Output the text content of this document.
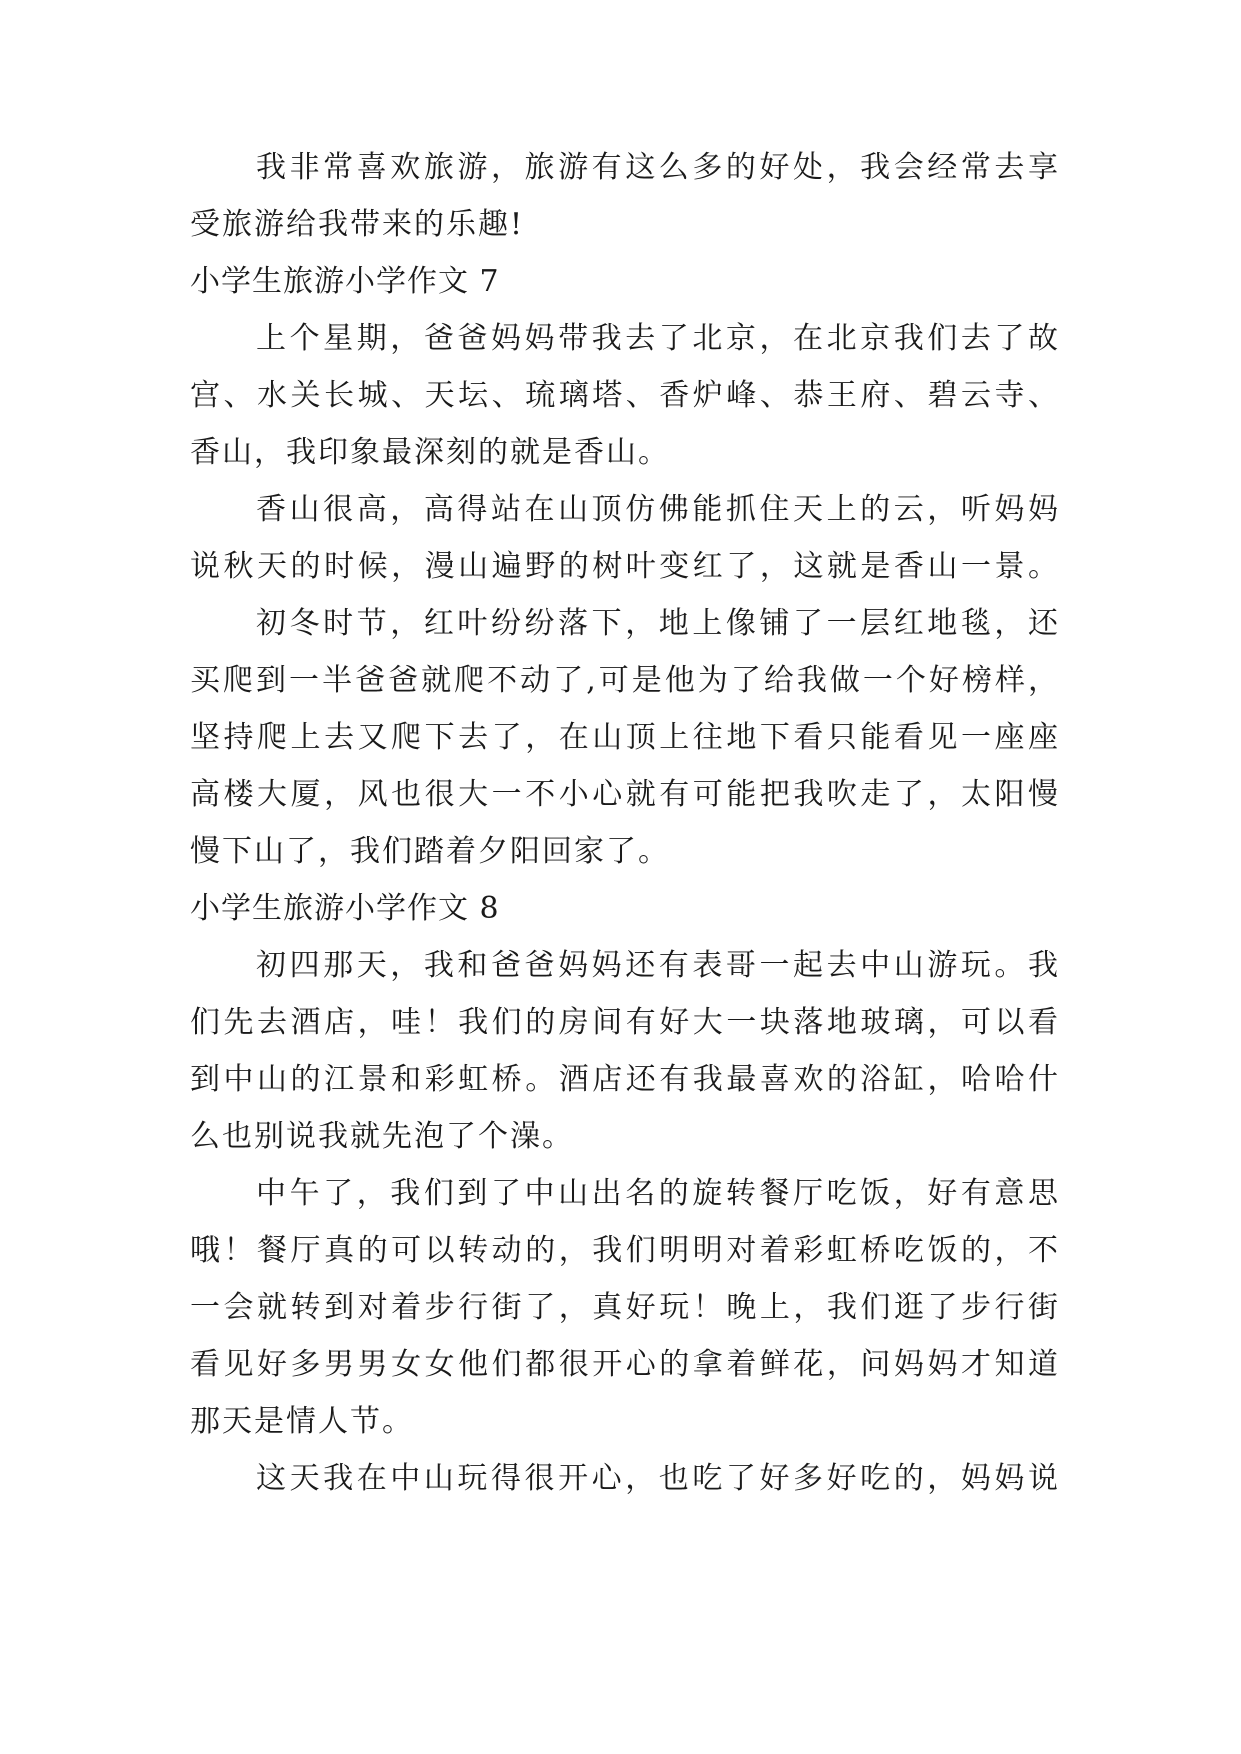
我非常喜欢旅游，旅游有这么多的好处，我会经常去享
受旅游给我带来的乐趣!
小学生旅游小学作文 7
上个星期，爸爸妈妈带我去了北京，在北京我们去了故
宫、水关长城、天坛、琉璃塔、香炉峰、恭王府、碧云寺、
香山，我印象最深刻的就是香山。
香山很高，高得站在山顶仿佛能抓住天上的云，听妈妈
说秋天的时候，漫山遍野的树叶变红了，这就是香山一景。
初冬时节，红叶纷纷落下，地上像铺了一层红地毯，还
买爬到一半爸爸就爬不动了,可是他为了给我做一个好榜样，
坚持爬上去又爬下去了，在山顶上往地下看只能看见一座座
高楼大厦，风也很大一不小心就有可能把我吹走了，太阳慢
慢下山了，我们踏着夕阳回家了。
小学生旅游小学作文 8
初四那天，我和爸爸妈妈还有表哥一起去中山游玩。我
们先去酒店，哇！我们的房间有好大一块落地玻璃，可以看
到中山的江景和彩虹桥。酒店还有我最喜欢的浴缸，哈哈什
么也别说我就先泡了个澡。
中午了，我们到了中山出名的旋转餐厅吃饭，好有意思
哦！餐厅真的可以转动的，我们明明对着彩虹桥吃饭的，不
一会就转到对着步行街了，真好玩！晚上，我们逛了步行街
看见好多男男女女他们都很开心的拿着鲜花，问妈妈才知道
那天是情人节。
这天我在中山玩得很开心，也吃了好多好吃的，妈妈说
